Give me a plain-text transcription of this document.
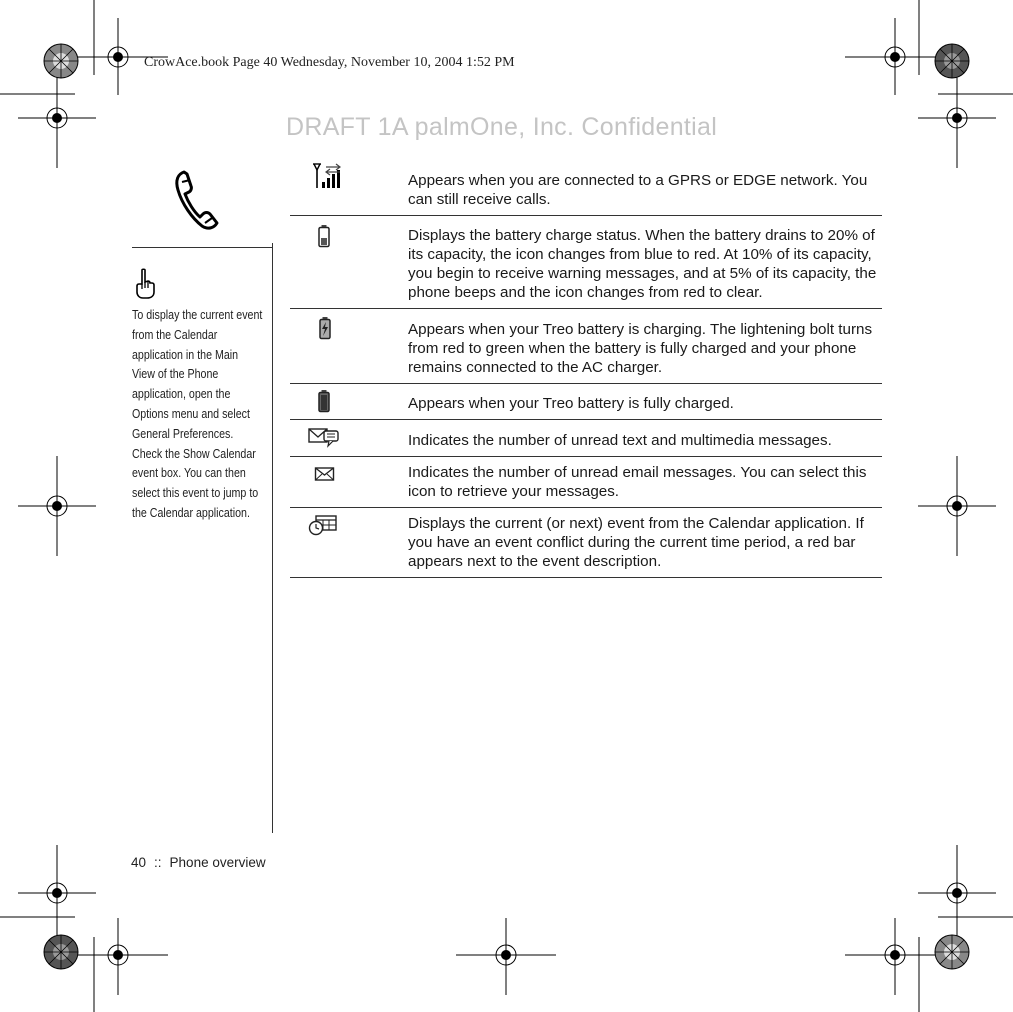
CrowAce.book Page 40 Wednesday, November 10, 2004 1:52 PM
DRAFT 1A palmOne, Inc. Confidential
To display the current event from the Calendar application in the Main View of the Phone application, open the Options menu and select General Preferences. Check the Show Calendar event box. You can then select this event to jump to the Calendar application.
	Appears when you are connected to a GPRS or EDGE network. You can still receive calls.

	Displays the battery charge status. When the battery drains to 20% of its capacity, the icon changes from blue to red. At 10% of its capacity, you begin to receive warning messages, and at 5% of its capacity, the phone beeps and the icon changes from red to clear.

	Appears when your Treo battery is charging. The lightening bolt turns from red to green when the battery is fully charged and your phone remains connected to the AC charger.

	Appears when your Treo battery is fully charged.

	Indicates the number of unread text and multimedia messages.

	Indicates the number of unread email messages. You can select this icon to retrieve your messages.

	Displays the current (or next) event from the Calendar application. If you have an event conflict during the current time period, a red bar appears next to the event description.
40 :: Phone overview
